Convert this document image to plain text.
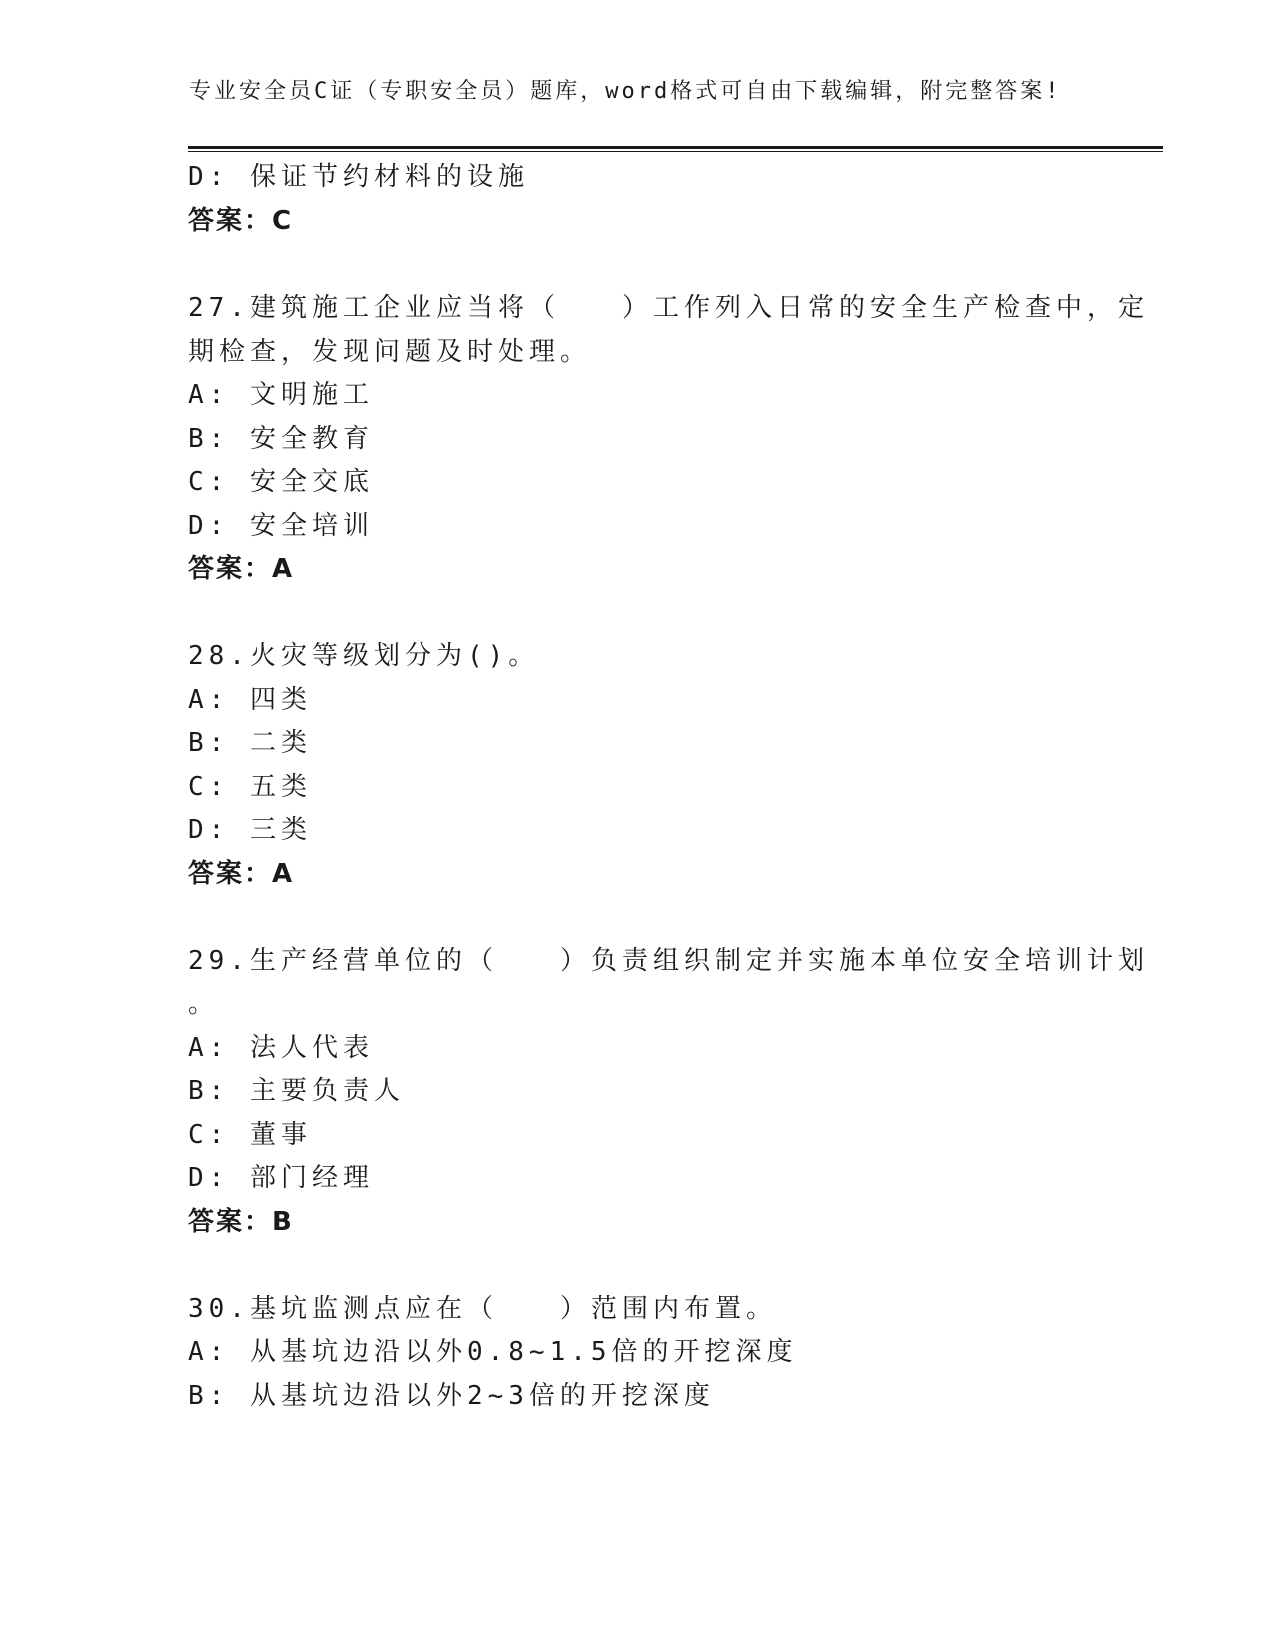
专业安全员C证（专职安全员）题库，word格式可自由下载编辑，附完整答案!
D: 保证节约材料的设施
答案：C
27.建筑施工企业应当将（　　）工作列入日常的安全生产检查中，定
期检查，发现问题及时处理。
A: 文明施工
B: 安全教育
C: 安全交底
D: 安全培训
答案：A
28.火灾等级划分为()。
A: 四类
B: 二类
C: 五类
D: 三类
答案：A
29.生产经营单位的（　　）负责组织制定并实施本单位安全培训计划
。
A: 法人代表
B: 主要负责人
C: 董事
D: 部门经理
答案：B
30.基坑监测点应在（　　）范围内布置。
A: 从基坑边沿以外0.8~1.5倍的开挖深度
B: 从基坑边沿以外2~3倍的开挖深度
